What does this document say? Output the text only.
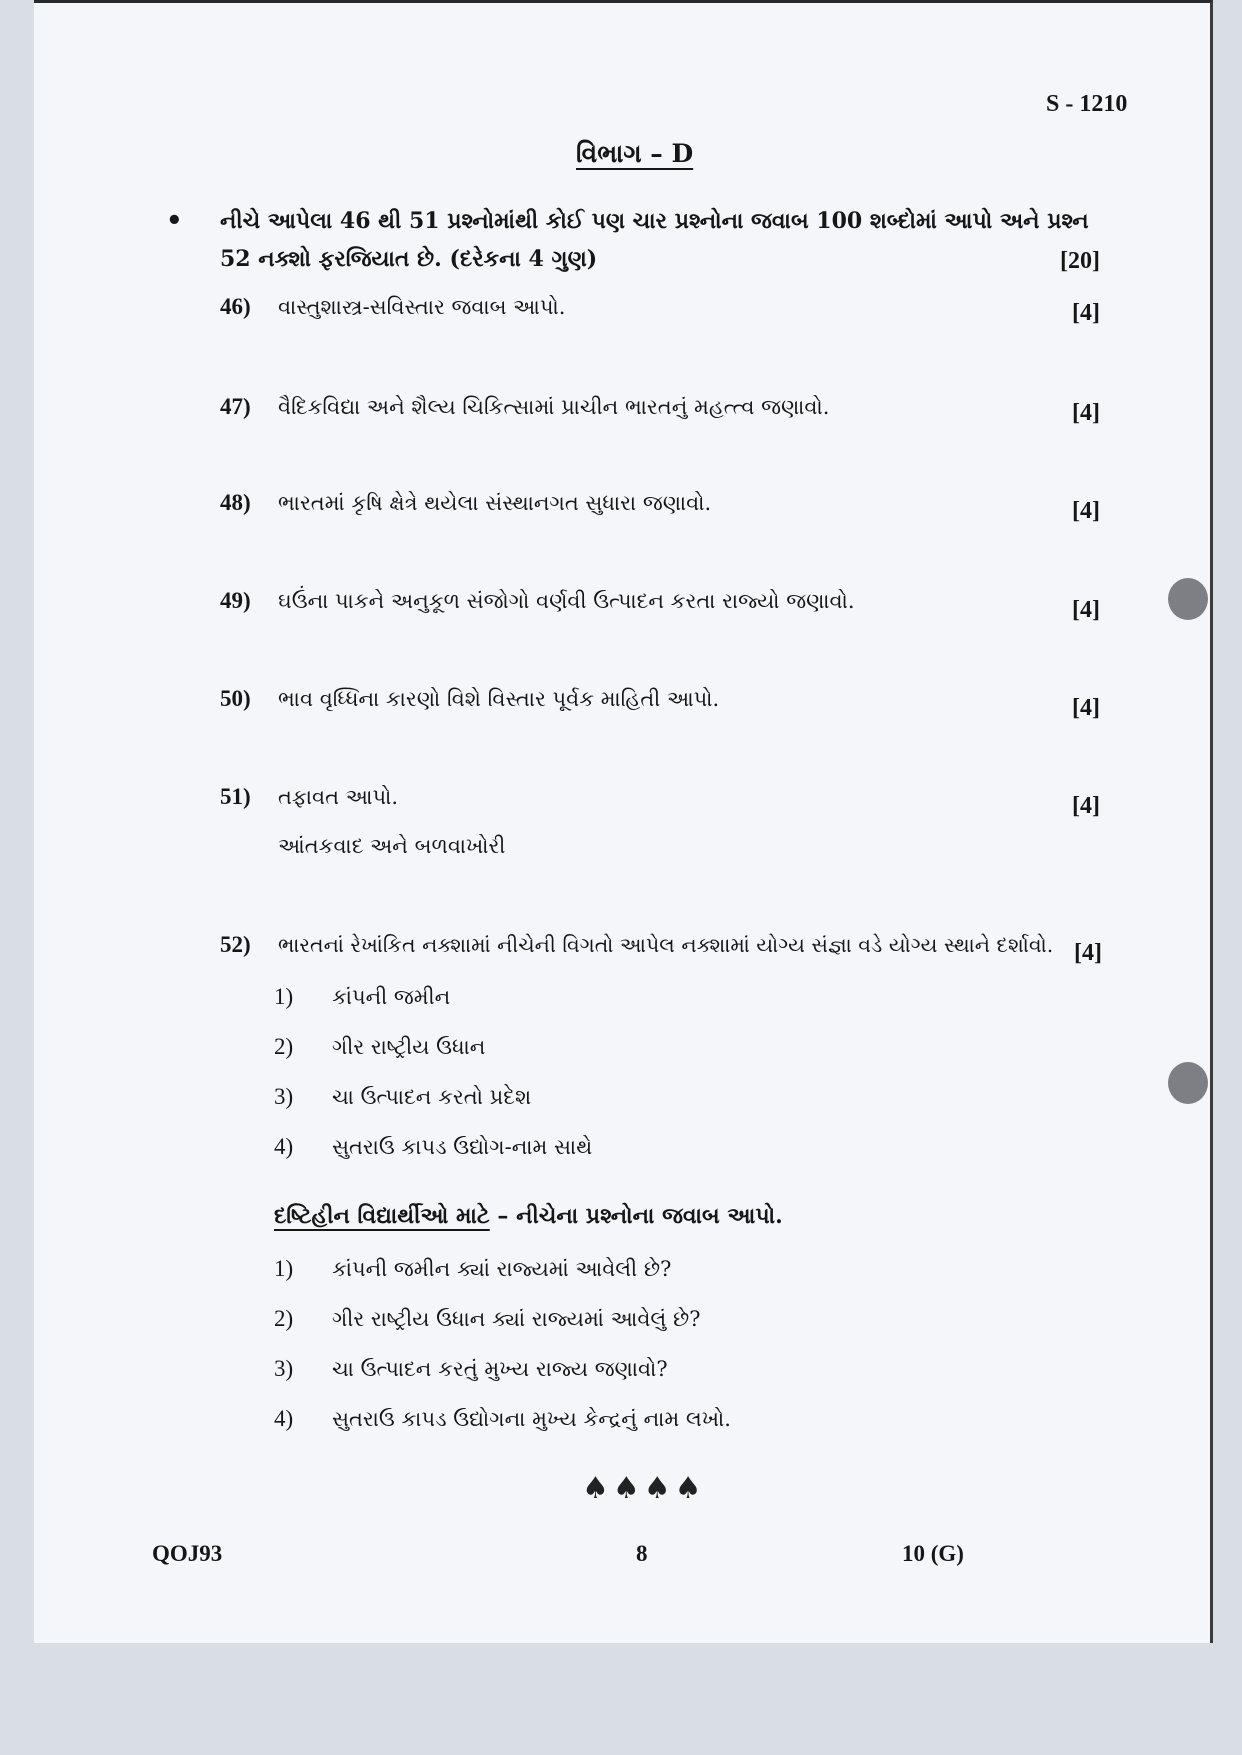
S - 1210
વિભાગ – D
• નીચે આપેલા 46 થી 51 પ્રશ્નોમાંથી કોઈ પણ ચાર પ્રશ્નોના જવાબ 100 શબ્દોમાં આપો અને પ્રશ્ન
52 નક્શો ફરજિયાત છે. (દરેકના 4 ગુણ)	[20]
46) વાસ્તુશાસ્ત્ર-સવિસ્તાર જવાબ આપો.	[4]
47) વૈદિકવિદ્યા અને શૈલ્ય ચિકિત્સામાં પ્રાચીન ભારતનું મહત્ત્વ જણાવો.	[4]
48) ભારતમાં કૃષિ ક્ષેત્રે થયેલા સંસ્થાનગત સુધારા જણાવો.	[4]
49) ઘઉંના પાકને અનુકૂળ સંજોગો વર્ણવી ઉત્પાદન કરતા રાજ્યો જણાવો.	[4]
50) ભાવ વૃધ્ધિના કારણો વિશે વિસ્તાર પૂર્વક માહિતી આપો.	[4]
51) તફાવત આપો.	[4]
આંતકવાદ અને બળવાખોરી
52) ભારતનાં રેખાંકિત નક્શામાં નીચેની વિગતો આપેલ નક્શામાં યોગ્ય સંજ્ઞા વડે યોગ્ય સ્થાને દર્શાવો. [4]
1) કાંપની જમીન
2) ગીર રાષ્ટ્રીય ઉધાન
3) ચા ઉત્પાદન કરતો પ્રદેશ
4) સુતરાઉ કાપડ ઉદ્યોગ-નામ સાથે
દષ્ટિહીન વિદ્યાર્થીઓ માટે – નીચેના પ્રશ્નોના જવાબ આપો.
1) કાંપની જમીન ક્યાં રાજ્યમાં આવેલી છે?
2) ગીર રાષ્ટ્રીય ઉધાન ક્યાં રાજ્યમાં આવેલું છે?
3) ચા ઉત્પાદન કરતું મુખ્ય રાજ્ય જણાવો?
4) સુતરાઉ કાપડ ઉદ્યોગના મુખ્ય કેન્દ્રનું નામ લખો.
♠♠♠♠
QOJ93	8	10 (G)
